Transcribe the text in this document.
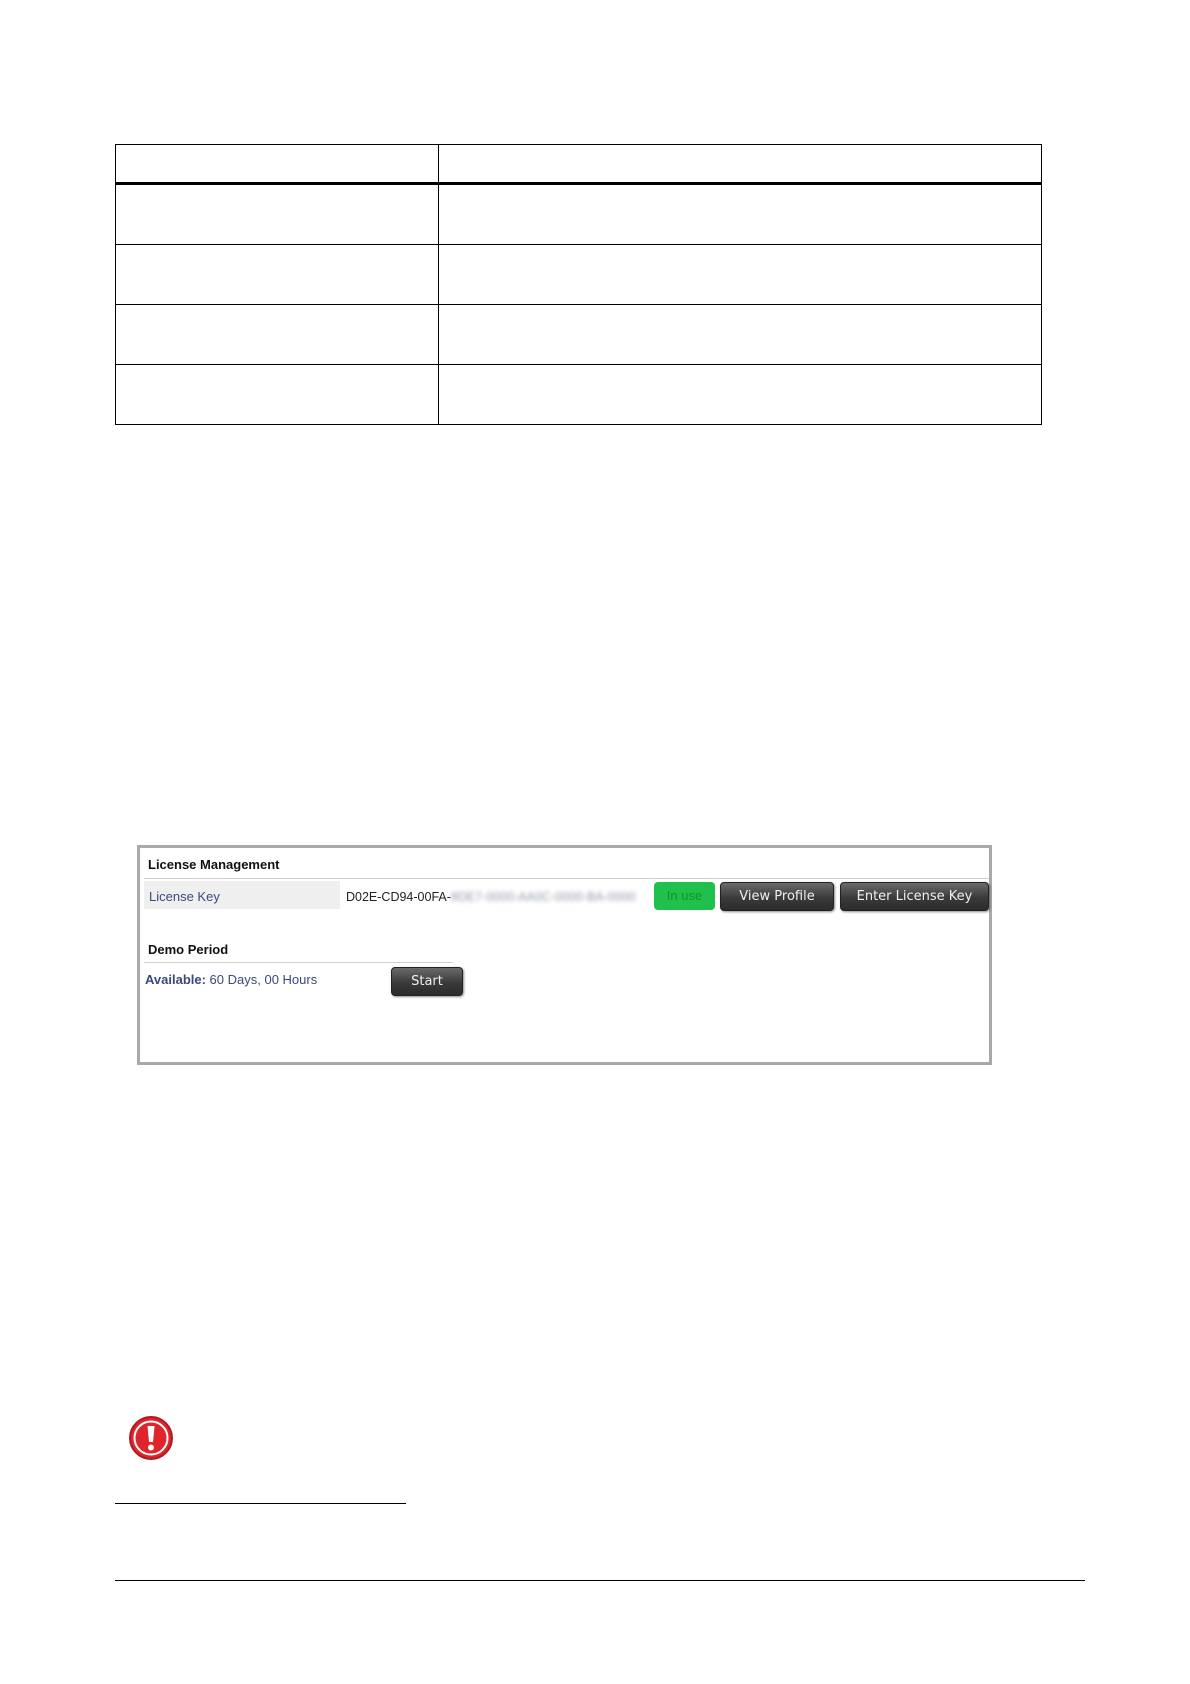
License Management
License Key	D02E-CD94-00FA-8DE7-0000-AA0C-0000-BA-0000	In use	View Profile	Enter License Key
Demo Period
Available: 60 Days, 00 Hours	Start
